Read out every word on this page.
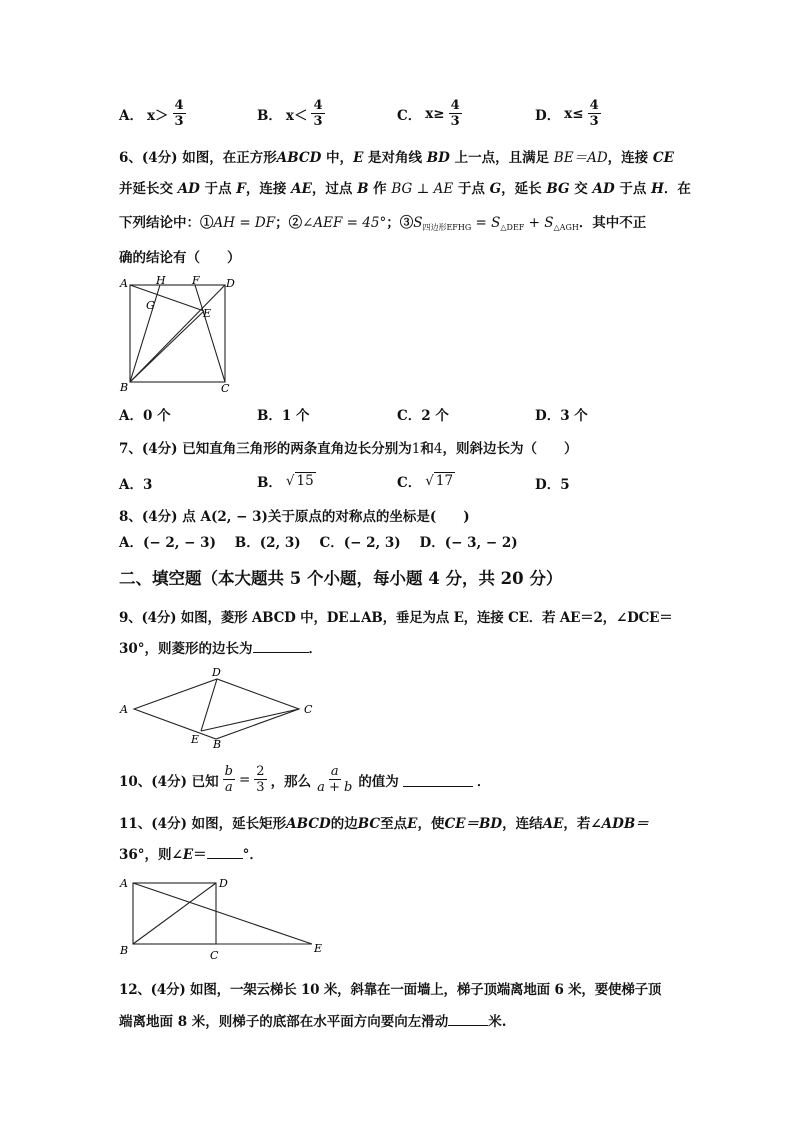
A． $x> \frac{4}{3}$	B． $x< \frac{4}{3}$	C． $x\ge \frac{4}{3}$	D． $x\le \frac{4}{3}$
6、(4分) 如图，在正方形ABCD 中，E 是对角线 BD 上一点，且满足 BE＝AD，连接 CE
并延长交 AD 于点 F，连接 AE，过点 B 作 BG ⊥ AE 于点 G，延长 BG 交 AD 于点 H．在
下列结论中：①AH = DF；②∠AEF = 45°；$③S_{四边形EFHG} = S_{\triangle DEF} + S_{\triangle AGH}$．其中不正
确的结论有（　　）
A	H F D
G
E
B	C
A．0 个	B．1 个	C．2 个	D．3 个
7、(4分) 已知直角三角形的两条直角边长分别为1和4，则斜边长为（　　）
A．3	B． √ 15	C． √ 17	D．5
8、(4分) 点 A(2, − 3)关于原点的对称点的坐标是(　　)
A．(− 2, − 3) B．(2, 3) C．(− 2, 3) D．(− 3, − 2)
二、填空题（本大题共 5 个小题，每小题 4 分，共 20 分）
9、(4分) 如图，菱形 ABCD 中，DE⊥AB，垂足为点 E，连接 CE．若 AE＝2，∠DCE＝
30°，则菱形的边长为	．
A
D
C
E B
10、(4分) 已知 $\frac{b}{a} = \frac{2}{3}$ ，那么 $\frac{a}{a + b}$ 的值为	．
11、(4分) 如图，延长矩形ABCD的边BC至点E，使CE＝BD，连结AE，若∠ADB＝
36°，则∠E＝	°．
A	D
B	C
E
12、(4分) 如图，一架云梯长 10 米，斜靠在一面墙上，梯子顶端离地面 6 米，要使梯子顶
端离地面 8 米，则梯子的底部在水平面方向要向左滑动	米.
